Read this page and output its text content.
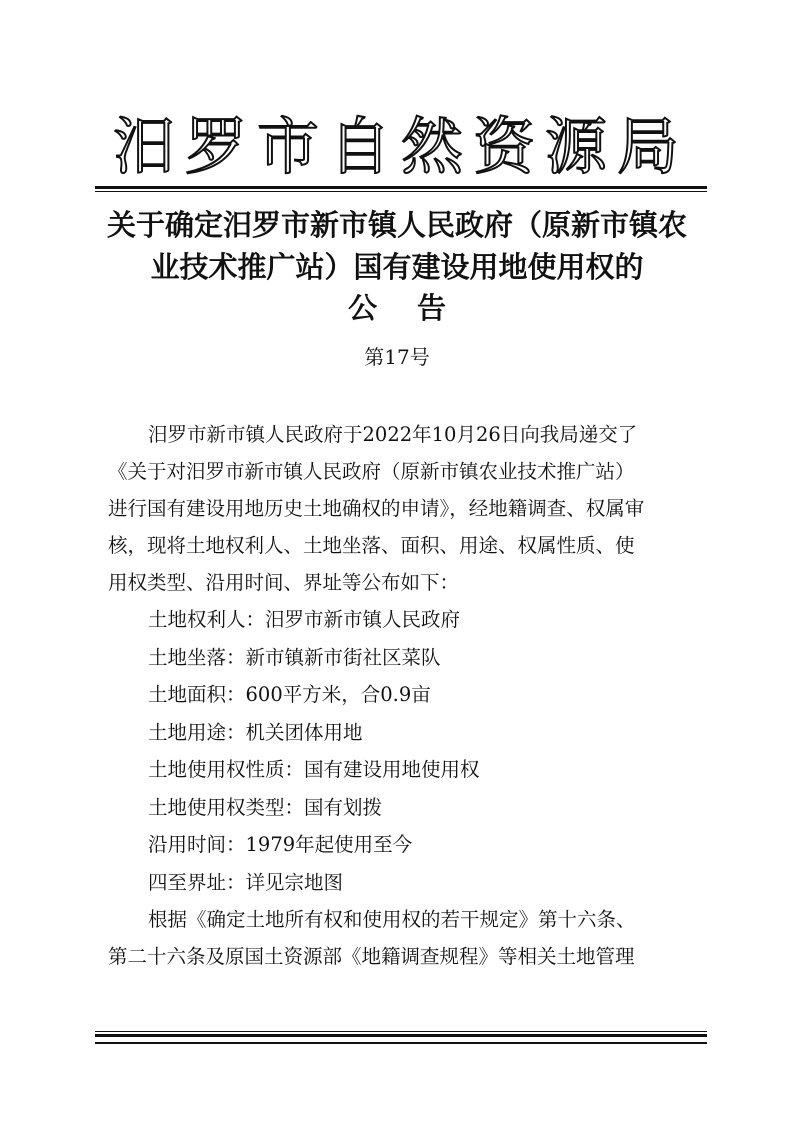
汨罗市自然资源局
关于确定汨罗市新市镇人民政府（原新市镇农
业技术推广站）国有建设用地使用权的
公告
第17号
汨罗市新市镇人民政府于2022年10月26日向我局递交了
《关于对汨罗市新市镇人民政府（原新市镇农业技术推广站）
进行国有建设用地历史土地确权的申请》，经地籍调查、权属审
核，现将土地权利人、土地坐落、面积、用途、权属性质、使
用权类型、沿用时间、界址等公布如下：
土地权利人：汨罗市新市镇人民政府
土地坐落：新市镇新市街社区菜队
土地面积：600平方米，合0.9亩
土地用途：机关团体用地
土地使用权性质：国有建设用地使用权
土地使用权类型：国有划拨
沿用时间：1979年起使用至今
四至界址：详见宗地图
根据《确定土地所有权和使用权的若干规定》第十六条、
第二十六条及原国土资源部《地籍调查规程》等相关土地管理
